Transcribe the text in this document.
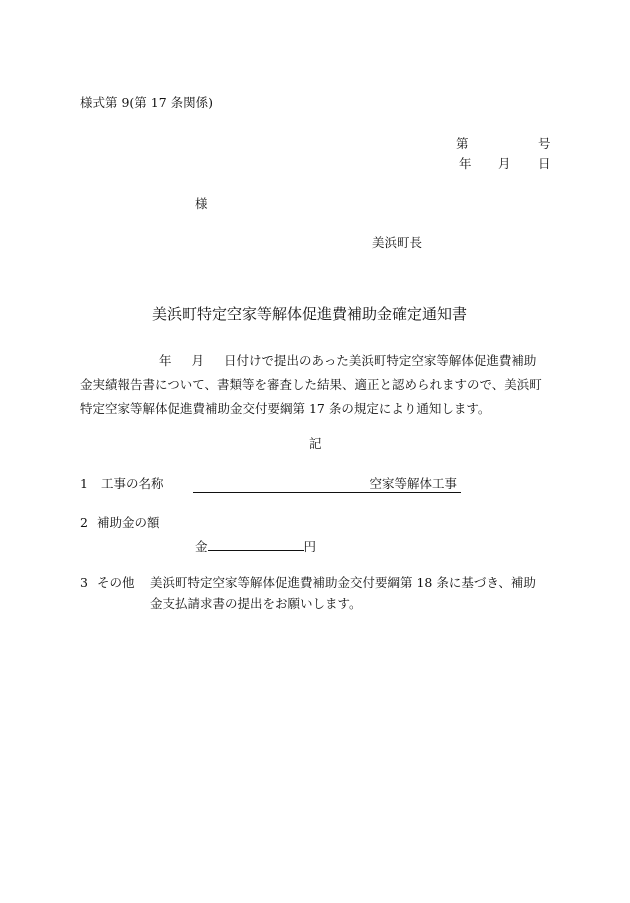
様式第 9(第 17 条関係)
第	号
年 月 日
様
美浜町長
美浜町特定空家等解体促進費補助金確定通知書
年 月 日付けで提出のあった美浜町特定空家等解体促進費補助
金実績報告書について、書類等を審査した結果、適正と認められますので、美浜町
特定空家等解体促進費補助金交付要綱第 17 条の規定により通知します。
記
1 工事の名称	空家等解体工事
2 補助金の額
金	円
3 その他 美浜町特定空家等解体促進費補助金交付要綱第 18 条に基づき、補助
金支払請求書の提出をお願いします。
